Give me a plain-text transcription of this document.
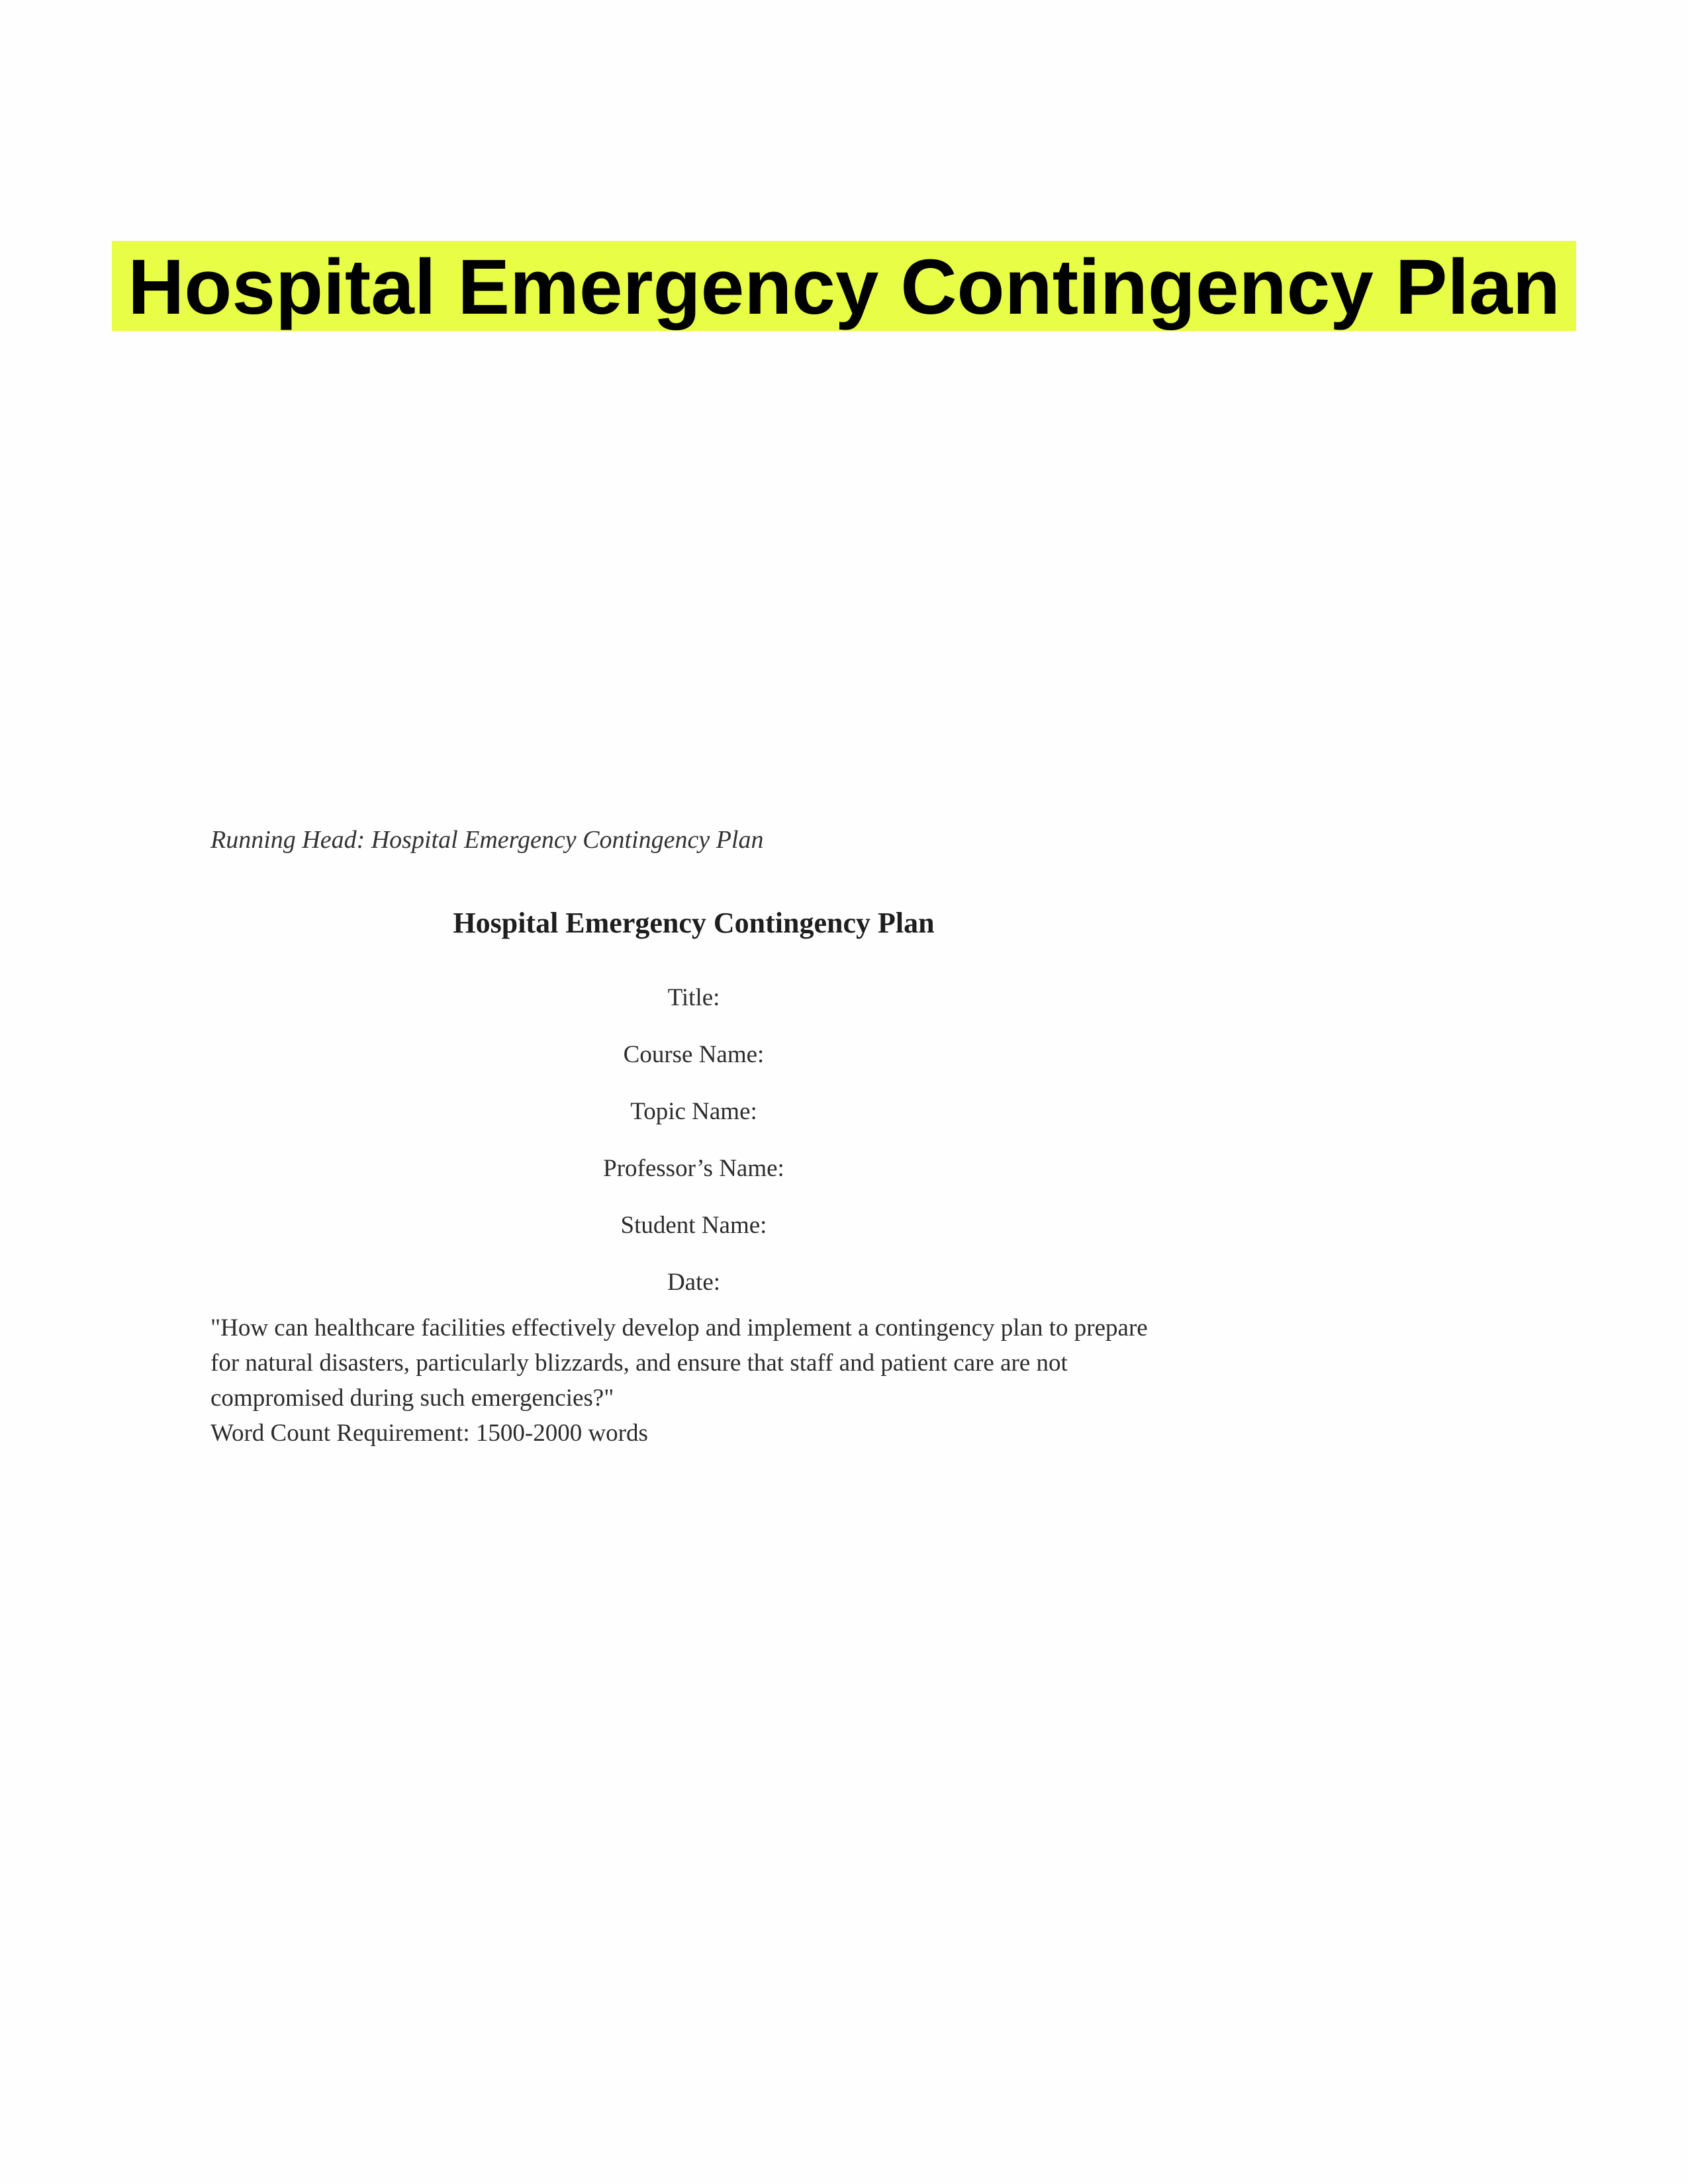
Hospital Emergency Contingency Plan
Running Head: Hospital Emergency Contingency Plan
Hospital Emergency Contingency Plan
Title:
Course Name:
Topic Name:
Professor’s Name:
Student Name:
Date:

"How can healthcare facilities effectively develop and implement a contingency plan to prepare
for natural disasters, particularly blizzards, and ensure that staff and patient care are not
compromised during such emergencies?"
Word Count Requirement: 1500-2000 words
